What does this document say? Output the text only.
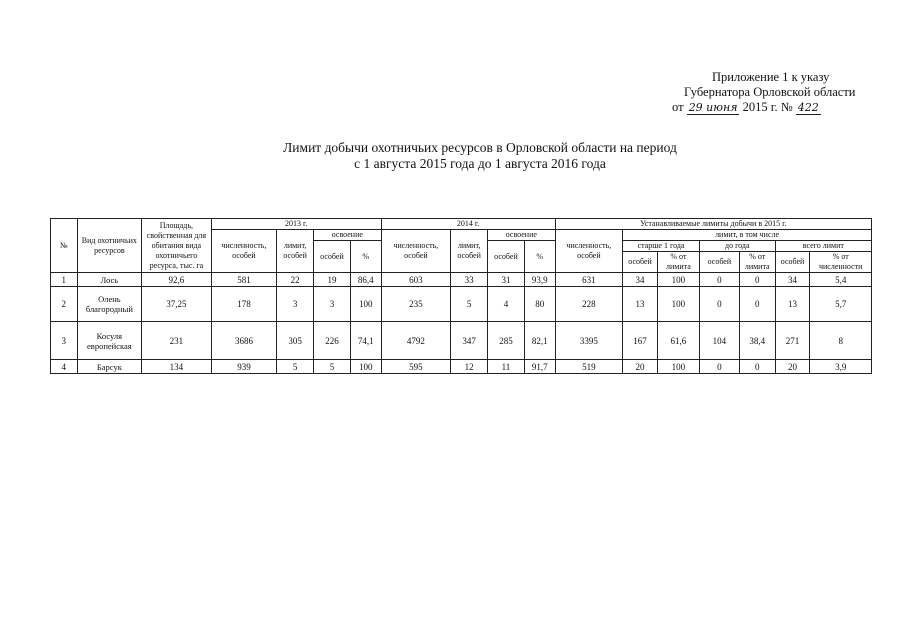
Приложение 1 к указу
Губернатора Орловской области
от 29 июня 2015 г. № 422
Лимит добычи охотничьих ресурсов в Орловской области на период
с 1 августа 2015 года до 1 августа 2016 года
№	Вид охотничьих ресурсов	Площадь, свойственная для обитания вида охотничьего ресурса, тыс. га	2013 г.				2014 г.				Устанавливаемые лимиты добычи в 2015 г.						
			численность, особей	лимит, особей	освоение		численность, особей	лимит, особей	освоение		численность, особей	лимит, в том числе					
					особей	%			особей	%		старше 1 года		до года		всего лимит	
												особей	% от лимита	особей	% от лимита	особей	% от численности
1	Лось	92,6	581	22	19	86,4	603	33	31	93,9	631	34	100	0	0	34	5,4
2	Олень благородный	37,25	178	3	3	100	235	5	4	80	228	13	100	0	0	13	5,7
3	Косуля европейская	231	3686	305	226	74,1	4792	347	285	82,1	3395	167	61,6	104	38,4	271	8
4	Барсук	134	939	5	5	100	595	12	11	91,7	519	20	100	0	0	20	3,9
